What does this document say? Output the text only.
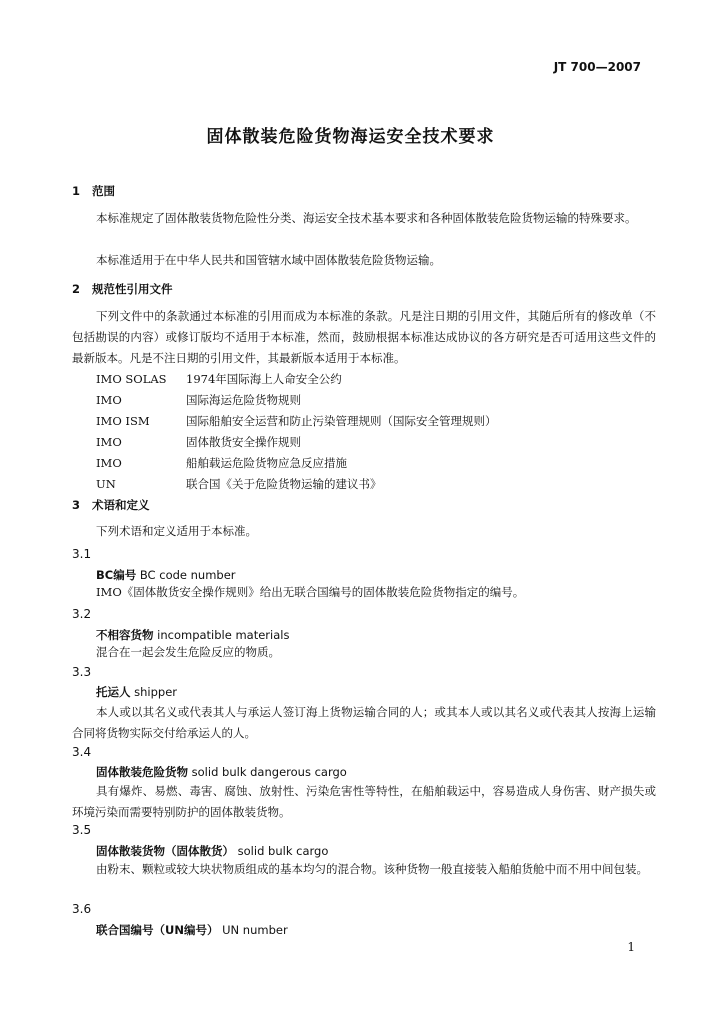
JT 700—2007
固体散装危险货物海运安全技术要求
1 范围
本标准规定了固体散装货物危险性分类、海运安全技术基本要求和各种固体散装危险货物运输的特殊要求。
本标准适用于在中华人民共和国管辖水域中固体散装危险货物运输。
2 规范性引用文件
下列文件中的条款通过本标准的引用而成为本标准的条款。凡是注日期的引用文件，其随后所有的修改单（不包括勘误的内容）或修订版均不适用于本标准，然而，鼓励根据本标准达成协议的各方研究是否可适用这些文件的最新版本。凡是不注日期的引用文件，其最新版本适用于本标准。
IMO SOLAS 1974年国际海上人命安全公约
IMO	国际海运危险货物规则
IMO ISM	国际船舶安全运营和防止污染管理规则（国际安全管理规则）
IMO	固体散货安全操作规则
IMO	船舶载运危险货物应急反应措施
UN	联合国《关于危险货物运输的建议书》
3 术语和定义
下列术语和定义适用于本标准。
3.1
BC编号 BC code number
IMO《固体散货安全操作规则》给出无联合国编号的固体散装危险货物指定的编号。
3.2
不相容货物 incompatible materials
混合在一起会发生危险反应的物质。
3.3
托运人 shipper
本人或以其名义或代表其人与承运人签订海上货物运输合同的人；或其本人或以其名义或代表其人按海上运输合同将货物实际交付给承运人的人。
3.4
固体散装危险货物 solid bulk dangerous cargo
具有爆炸、易燃、毒害、腐蚀、放射性、污染危害性等特性，在船舶载运中，容易造成人身伤害、财产损失或环境污染而需要特别防护的固体散装货物。
3.5
固体散装货物（固体散货） solid bulk cargo
由粉末、颗粒或较大块状物质组成的基本均匀的混合物。该种货物一般直接装入船舶货舱中而不用中间包装。
3.6
联合国编号（UN编号） UN number
1
